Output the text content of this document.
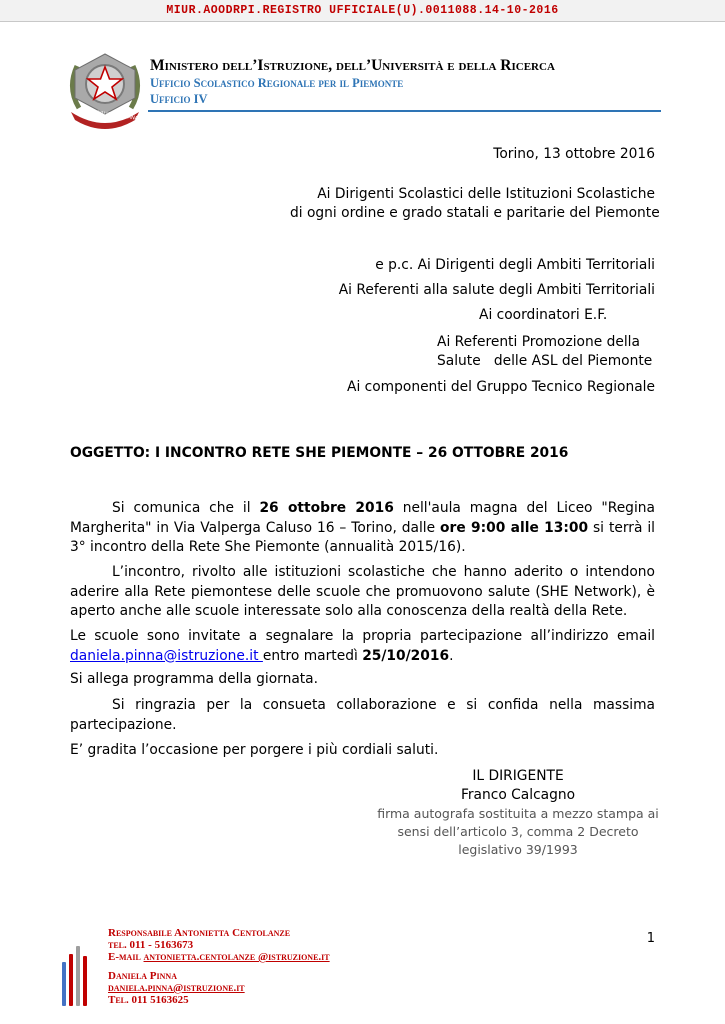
MIUR.AOODRPI.REGISTRO UFFICIALE(U).0011088.14-10-2016
REPUBBLICA ITALIANA
Ministero dell’Istruzione, dell’Università e della Ricerca
Ufficio Scolastico Regionale per il Piemonte
Ufficio IV
Torino, 13 ottobre 2016
Ai Dirigenti Scolastici delle Istituzioni Scolastiche
di ogni ordine e grado statali e paritarie del Piemonte
e p.c. Ai Dirigenti degli Ambiti Territoriali
Ai Referenti alla salute degli Ambiti Territoriali
Ai coordinatori E.F.
Ai Referenti Promozione della
Salute   delle ASL del Piemonte
Ai componenti del Gruppo Tecnico Regionale
OGGETTO: I INCONTRO RETE SHE PIEMONTE – 26 OTTOBRE 2016
Si comunica che il 26 ottobre 2016 nell'aula magna del Liceo "Regina Margherita" in Via Valperga Caluso 16 – Torino, dalle ore 9:00 alle 13:00 si terrà il 3° incontro della Rete She Piemonte (annualità 2015/16).
L’incontro, rivolto alle istituzioni scolastiche che hanno aderito o intendono aderire alla Rete piemontese delle scuole che promuovono salute (SHE Network), è aperto anche alle scuole interessate solo alla conoscenza della realtà della Rete.
Le scuole sono invitate a segnalare la propria partecipazione all’indirizzo email daniela.pinna@istruzione.it entro martedì 25/10/2016.
Si allega programma della giornata.
Si ringrazia per la consueta collaborazione e si confida nella massima partecipazione.
E’ gradita l’occasione per porgere i più cordiali saluti.
IL DIRIGENTE
Franco Calcagno
firma autografa sostituita a mezzo stampa ai
sensi dell’articolo 3, comma 2 Decreto
legislativo 39/1993
Responsabile Antonietta Centolanze
tel. 011 - 5163673
E-mail antonietta.centolanze @istruzione.it
Daniela Pinna
daniela.pinna@istruzione.it
Tel. 011 5163625
1
